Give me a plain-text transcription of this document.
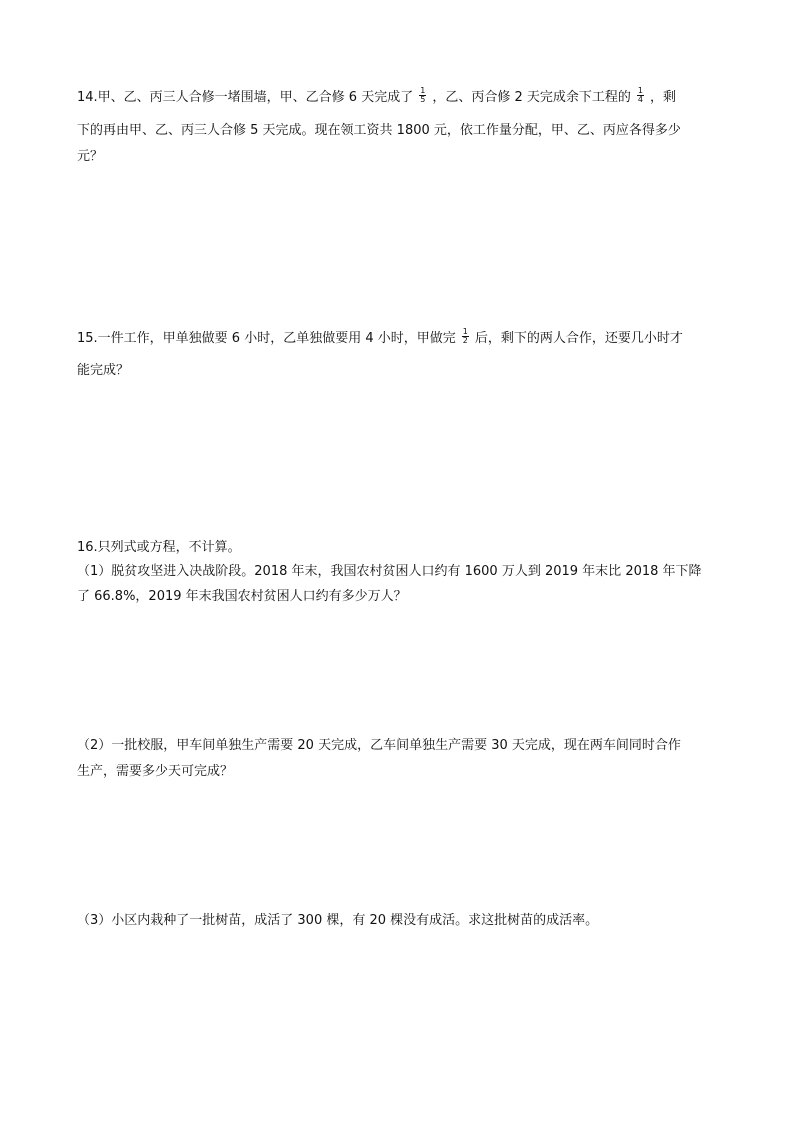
14.甲、乙、丙三人合修一堵围墙，甲、乙合修 6 天完成了 $\frac{1}{5}$ ，乙、丙合修 2 天完成余下工程的 $\frac{1}{4}$ ，剩
下的再由甲、乙、丙三人合修 5 天完成。现在领工资共 1800 元，依工作量分配，甲、乙、丙应各得多少
元？
15.一件工作，甲单独做要 6 小时，乙单独做要用 4 小时，甲做完 $\frac{1}{2}$ 后，剩下的两人合作，还要几小时才
能完成？
16.只列式或方程，不计算。
（1）脱贫攻坚进入决战阶段。2018 年末，我国农村贫困人口约有 1600 万人到 2019 年末比 2018 年下降
了 66.8%，2019 年末我国农村贫困人口约有多少万人？
（2）一批校服，甲车间单独生产需要 20 天完成，乙车间单独生产需要 30 天完成，现在两车间同时合作
生产，需要多少天可完成？
（3）小区内栽种了一批树苗，成活了 300 棵，有 20 棵没有成活。求这批树苗的成活率。
